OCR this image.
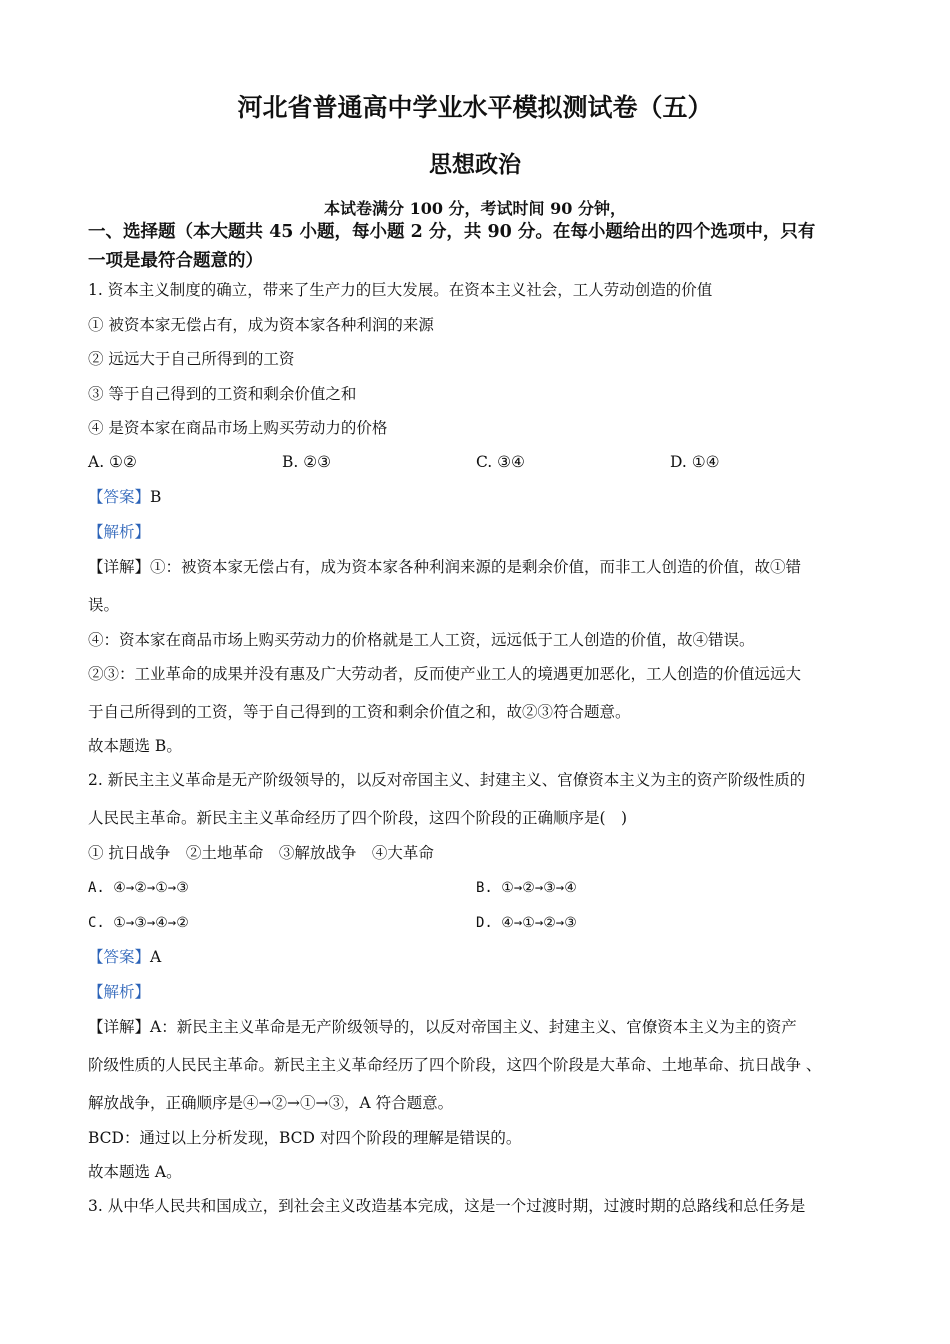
河北省普通高中学业水平模拟测试卷（五）
思想政治
本试卷满分 100 分，考试时间 90 分钟，
一、选择题（本大题共 45 小题，每小题 2 分，共 90 分。在每小题给出的四个选项中，只有
一项是最符合题意的）
1. 资本主义制度的确立，带来了生产力的巨大发展。在资本主义社会，工人劳动创造的价值
① 被资本家无偿占有，成为资本家各种利润的来源
② 远远大于自己所得到的工资
③ 等于自己得到的工资和剩余价值之和
④ 是资本家在商品市场上购买劳动力的价格
A. ①②	B. ②③	C. ③④	D. ①④
【答案】B
【解析】
【详解】①：被资本家无偿占有，成为资本家各种利润来源的是剩余价值，而非工人创造的价值，故①错
误。
④：资本家在商品市场上购买劳动力的价格就是工人工资，远远低于工人创造的价值，故④错误。
②③：工业革命的成果并没有惠及广大劳动者，反而使产业工人的境遇更加恶化，工人创造的价值远远大
于自己所得到的工资，等于自己得到的工资和剩余价值之和，故②③符合题意。
故本题选 B。
2. 新民主主义革命是无产阶级领导的，以反对帝国主义、封建主义、官僚资本主义为主的资产阶级性质的
人民民主革命。新民主主义革命经历了四个阶段，这四个阶段的正确顺序是(　)
① 抗日战争　②土地革命　③解放战争　④大革命
A. ④→②→①→③	B. ①→②→③→④
C. ①→③→④→②	D. ④→①→②→③
【答案】A
【解析】
【详解】A：新民主主义革命是无产阶级领导的，以反对帝国主义、封建主义、官僚资本主义为主的资产
阶级性质的人民民主革命。新民主主义革命经历了四个阶段，这四个阶段是大革命、土地革命、抗日战争 、
解放战争，正确顺序是④→②→①→③，A 符合题意。
BCD：通过以上分析发现，BCD 对四个阶段的理解是错误的。
故本题选 A。
3. 从中华人民共和国成立，到社会主义改造基本完成，这是一个过渡时期，过渡时期的总路线和总任务是
